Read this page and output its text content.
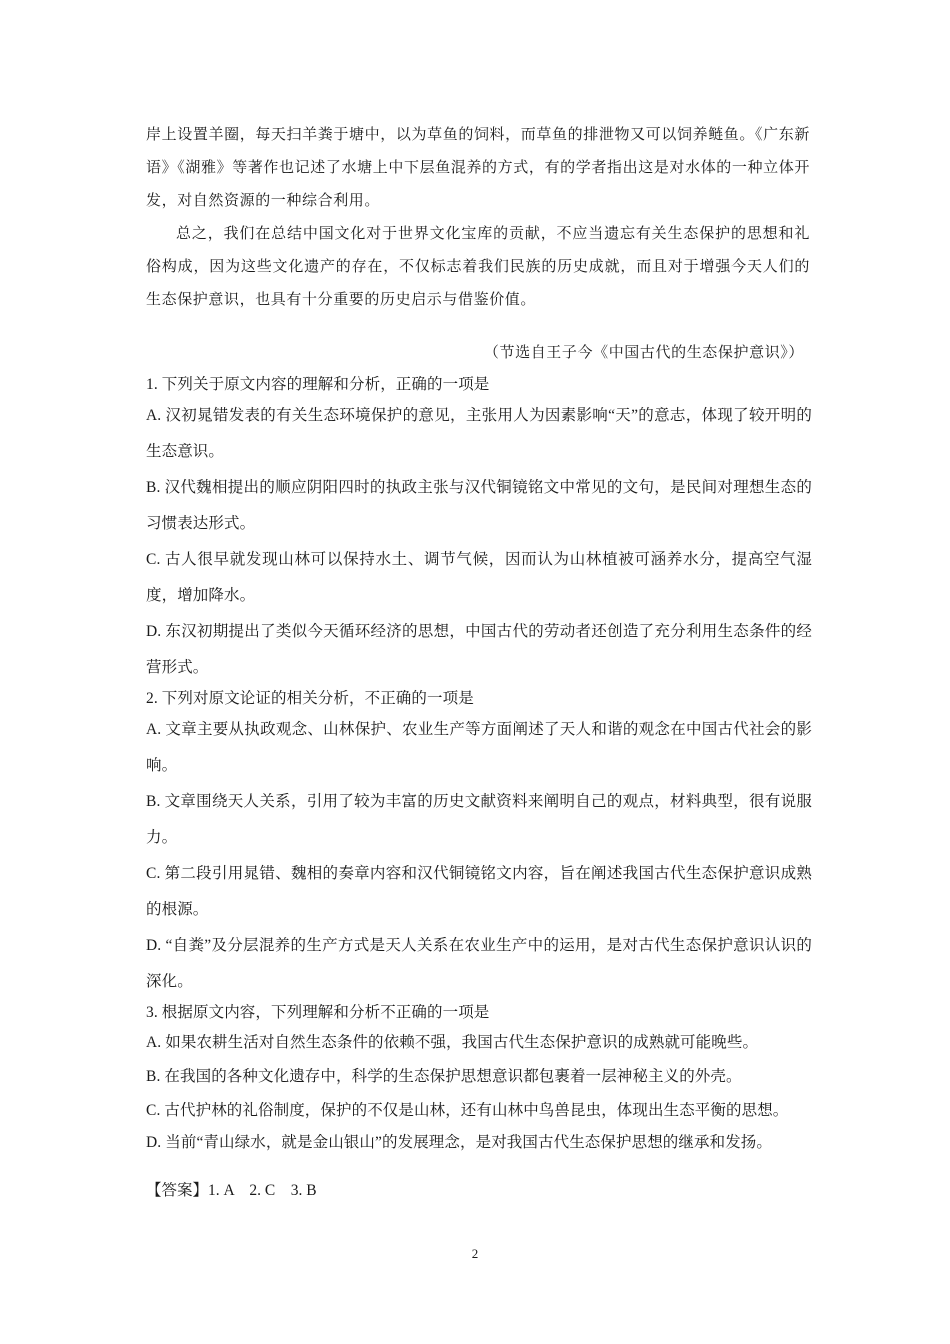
岸上设置羊圈，每天扫羊粪于塘中，以为草鱼的饲料，而草鱼的排泄物又可以饲养鲢鱼。《广东新语》《湖雅》等著作也记述了水塘上中下层鱼混养的方式，有的学者指出这是对水体的一种立体开发，对自然资源的一种综合利用。

总之，我们在总结中国文化对于世界文化宝库的贡献，不应当遗忘有关生态保护的思想和礼俗构成，因为这些文化遗产的存在，不仅标志着我们民族的历史成就，而且对于增强今天人们的生态保护意识，也具有十分重要的历史启示与借鉴价值。

（节选自王子今《中国古代的生态保护意识》）

1. 下列关于原文内容的理解和分析，正确的一项是

A. 汉初晁错发表的有关生态环境保护的意见，主张用人为因素影响“天”的意志，体现了较开明的生态意识。

B. 汉代魏相提出的顺应阴阳四时的执政主张与汉代铜镜铭文中常见的文句，是民间对理想生态的习惯表达形式。

C. 古人很早就发现山林可以保持水土、调节气候，因而认为山林植被可涵养水分，提高空气湿度，增加降水。

D. 东汉初期提出了类似今天循环经济的思想，中国古代的劳动者还创造了充分利用生态条件的经营形式。

2. 下列对原文论证的相关分析，不正确的一项是

A. 文章主要从执政观念、山林保护、农业生产等方面阐述了天人和谐的观念在中国古代社会的影响。

B. 文章围绕天人关系，引用了较为丰富的历史文献资料来阐明自己的观点，材料典型，很有说服力。

C. 第二段引用晁错、魏相的奏章内容和汉代铜镜铭文内容，旨在阐述我国古代生态保护意识成熟的根源。

D. “自粪”及分层混养的生产方式是天人关系在农业生产中的运用，是对古代生态保护意识认识的深化。

3. 根据原文内容，下列理解和分析不正确的一项是

A. 如果农耕生活对自然生态条件的依赖不强，我国古代生态保护意识的成熟就可能晚些。

B. 在我国的各种文化遗存中，科学的生态保护思想意识都包裹着一层神秘主义的外壳。

C. 古代护林的礼俗制度，保护的不仅是山林，还有山林中鸟兽昆虫，体现出生态平衡的思想。

D. 当前“青山绿水，就是金山银山”的发展理念，是对我国古代生态保护思想的继承和发扬。

【答案】1. A    2. C    3. B
2
